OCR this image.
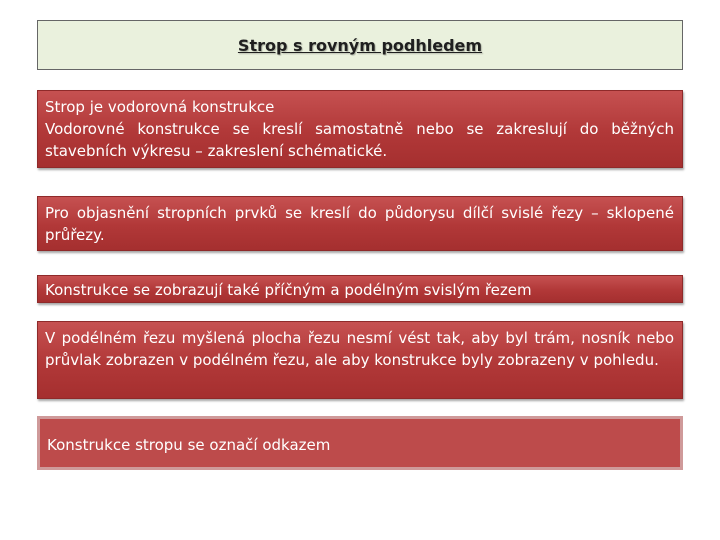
Strop s rovným podhledem
Strop je vodorovná konstrukce
Vodorovné konstrukce se kreslí samostatně nebo se zakreslují do běžných stavebních výkresu – zakreslení schématické.
Pro objasnění stropních prvků se kreslí do půdorysu dílčí svislé řezy – sklopené průřezy.
Konstrukce se zobrazují také příčným a podélným svislým řezem
V podélném řezu myšlená plocha řezu nesmí vést tak, aby byl trám, nosník nebo průvlak zobrazen v podélném řezu, ale aby konstrukce byly zobrazeny v pohledu.
Konstrukce stropu se označí odkazem
